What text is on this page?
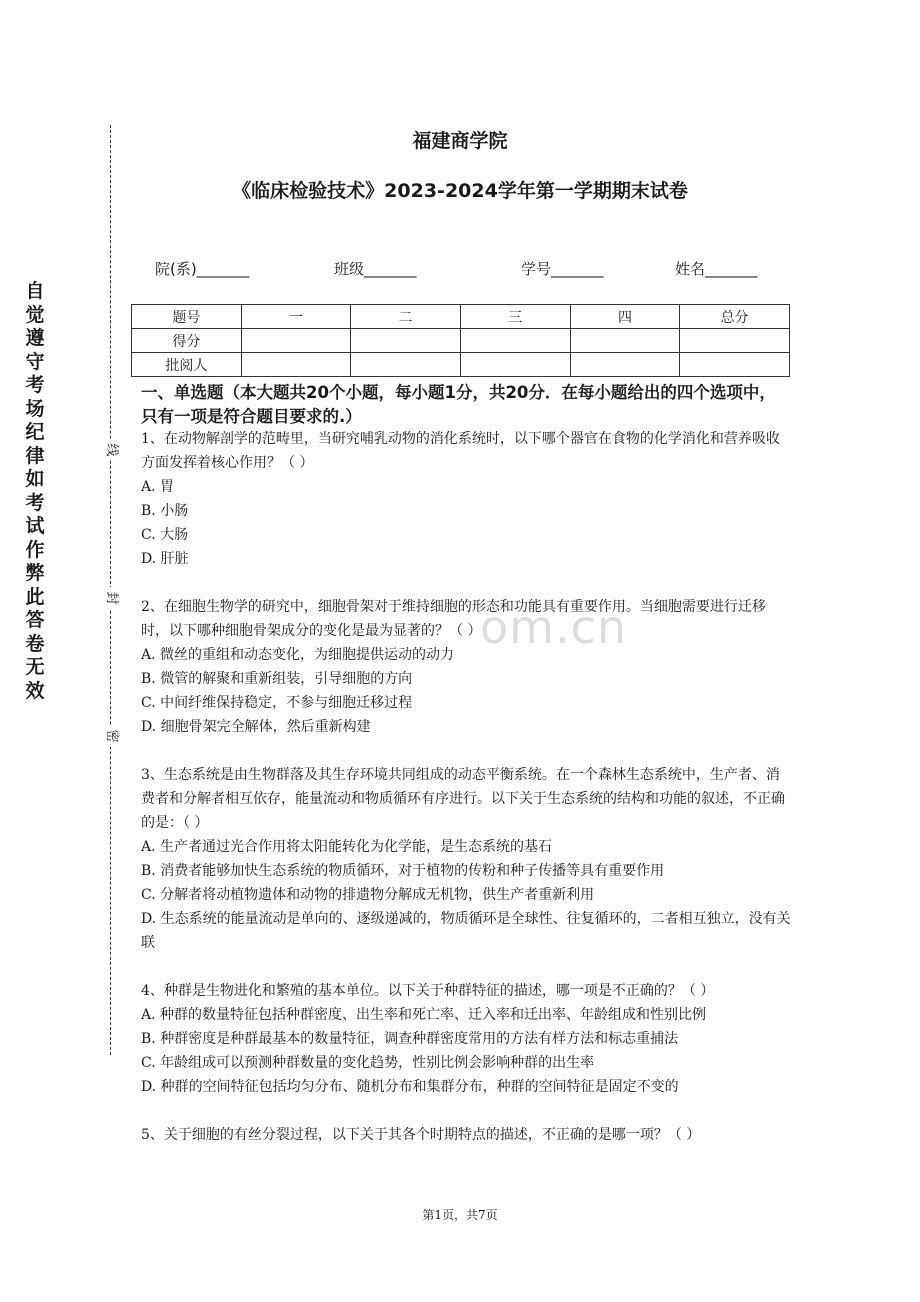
自
觉
遵
守
考
场
纪
律
如
考
试
作
弊
此
答
卷
无
效
线
封
密
福建商学院
《临床检验技术》2023-2024学年第一学期期末试卷
院(系)_______	班级_______	学号_______	姓名_______
题号	一	二	三	四	总分
得分					
批阅人					
一、单选题（本大题共20个小题，每小题1分，共20分．在每小题给出的四个选项中，只有一项是符合题目要求的.）
om.cn

1、在动物解剖学的范畴里，当研究哺乳动物的消化系统时，以下哪个器官在食物的化学消化和营养吸收方面发挥着核心作用？（ ）

A. 胃

B. 小肠

C. 大肠

D. 肝脏

2、在细胞生物学的研究中，细胞骨架对于维持细胞的形态和功能具有重要作用。当细胞需要进行迁移时，以下哪种细胞骨架成分的变化是最为显著的？（ ）

A. 微丝的重组和动态变化，为细胞提供运动的动力

B. 微管的解聚和重新组装，引导细胞的方向

C. 中间纤维保持稳定，不参与细胞迁移过程

D. 细胞骨架完全解体，然后重新构建

3、生态系统是由生物群落及其生存环境共同组成的动态平衡系统。在一个森林生态系统中，生产者、消费者和分解者相互依存，能量流动和物质循环有序进行。以下关于生态系统的结构和功能的叙述，不正确的是：（ ）

A. 生产者通过光合作用将太阳能转化为化学能，是生态系统的基石

B. 消费者能够加快生态系统的物质循环，对于植物的传粉和种子传播等具有重要作用

C. 分解者将动植物遗体和动物的排遗物分解成无机物，供生产者重新利用

D. 生态系统的能量流动是单向的、逐级递减的，物质循环是全球性、往复循环的，二者相互独立，没有关联

4、种群是生物进化和繁殖的基本单位。以下关于种群特征的描述，哪一项是不正确的？（ ）

A. 种群的数量特征包括种群密度、出生率和死亡率、迁入率和迁出率、年龄组成和性别比例

B. 种群密度是种群最基本的数量特征，调查种群密度常用的方法有样方法和标志重捕法

C. 年龄组成可以预测种群数量的变化趋势，性别比例会影响种群的出生率

D. 种群的空间特征包括均匀分布、随机分布和集群分布，种群的空间特征是固定不变的

5、关于细胞的有丝分裂过程，以下关于其各个时期特点的描述，不正确的是哪一项？（ ）

第1页，共7页
